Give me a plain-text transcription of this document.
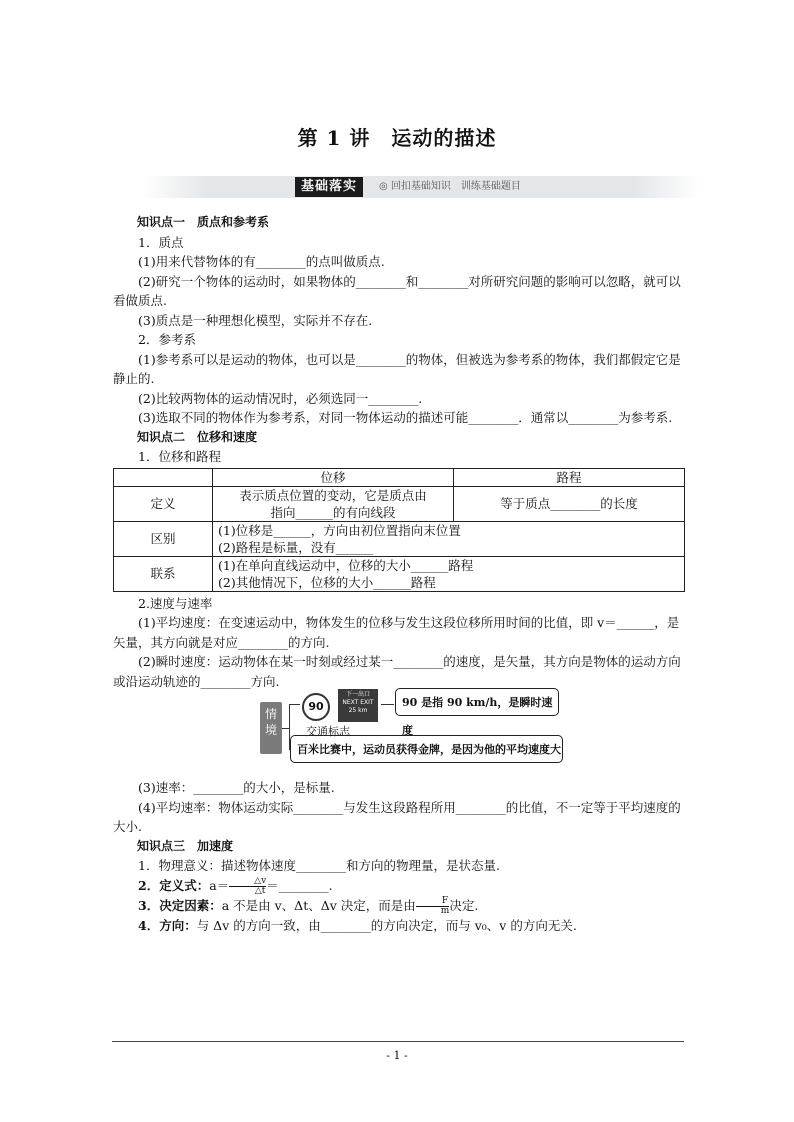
第 1 讲　运动的描述
基础落实	◎ 回扣基础知识　训练基础题目

知识点一　质点和参考系

1．质点

(1)用来代替物体的有________的点叫做质点.

(2)研究一个物体的运动时，如果物体的________和________对所研究问题的影响可以忽略，就可以看做质点.

(3)质点是一种理想化模型，实际并不存在.

2．参考系

(1)参考系可以是运动的物体，也可以是________的物体，但被选为参考系的物体，我们都假定它是静止的.

(2)比较两物体的运动情况时，必须选同一________.

(3)选取不同的物体作为参考系，对同一物体运动的描述可能________．通常以________为参考系.

知识点二　位移和速度

1．位移和路程

	位移	路程
定义	表示质点位置的变动，它是质点由
指向______的有向线段	等于质点________的长度
区别	(1)位移是______，方向由初位置指向末位置
(2)路程是标量，没有______	

联系	(1)在单向直线运动中，位移的大小______路程
(2)其他情况下，位移的大小______路程	

2.速度与速率

(1)平均速度：在变速运动中，物体发生的位移与发生这段位移所用时间的比值，即 v＝______，是矢量，其方向就是对应________的方向.

(2)瞬时速度：运动物体在某一时刻或经过某一________的速度，是矢量，其方向是物体的运动方向或沿运动轨迹的________方向.

情境
90
下一出口 NEXT EXIT 25 km
交通标志
90 是指 90 km/h，是瞬时速度
百米比赛中，运动员获得金牌，是因为他的平均速度大

(3)速率：________的大小，是标量.

(4)平均速率：物体运动实际________与发生这段路程所用________的比值，不一定等于平均速度的大小.

知识点三　加速度

1．物理意义：描述物体速度________和方向的物理量，是状态量.

2．定义式：$a= \frac{\triangle v}{\triangle t}$ ＝________.

3．决定因素：a 不是由 v、Δt、Δv 决定，而是由 $\frac{F}{m}$ 决定.

4．方向：与 Δv 的方向一致，由________的方向决定，而与 v₀、v 的方向无关.

- 1 -
